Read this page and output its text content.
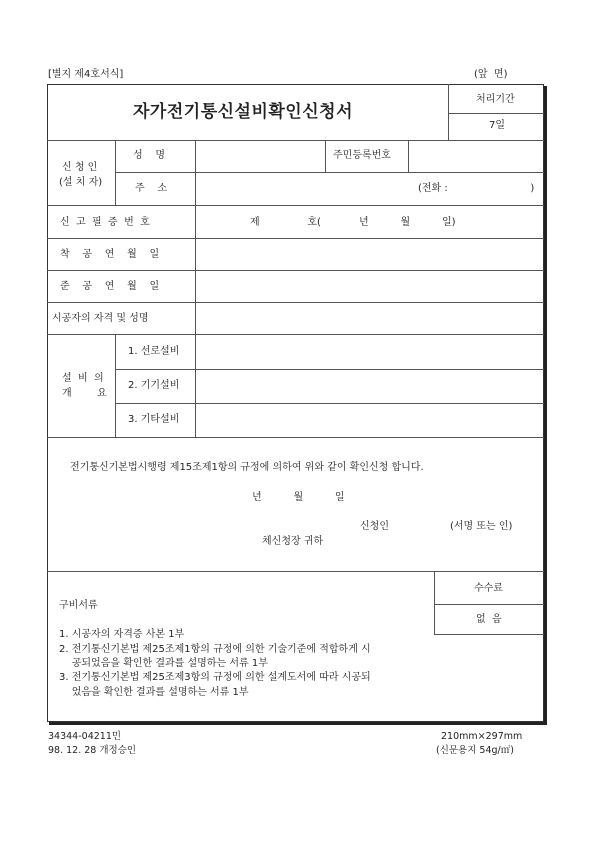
[별지 제4호서식]	(앞  면)
자가전기통신설비확인신청서
처리기간
7일
신 청 인
(설 치 자)
성    명	주민등록번호
주    소	(전화 :                          )
신  고  필  증  번  호	제               호(            년          월          일)
착    공    연    월    일
준    공    연    월    일
시공자의 자격 및 성명
설  비  의
개        요
1. 선로설비
2. 기기설비
3. 기타설비
전기통신기본법시행령 제15조제1항의 규정에 의하여 위와 같이 확인신청 합니다.
년          월          일
신청인	(서명 또는 인)
체신청장 귀하
구비서류
수수료
없  음
1. 시공자의 자격증 사본 1부
2. 전기통신기본법 제25조제1항의 규정에 의한 기술기준에 적합하게 시
공되었음을 확인한 결과를 설명하는 서류 1부
3. 전기통신기본법 제25조제3항의 규정에 의한 설계도서에 따라 시공되
었음을 확인한 결과를 설명하는 서류 1부
34344-04211민
98. 12. 28 개정승인
210mm×297mm
(신문용지 54g/㎡)
